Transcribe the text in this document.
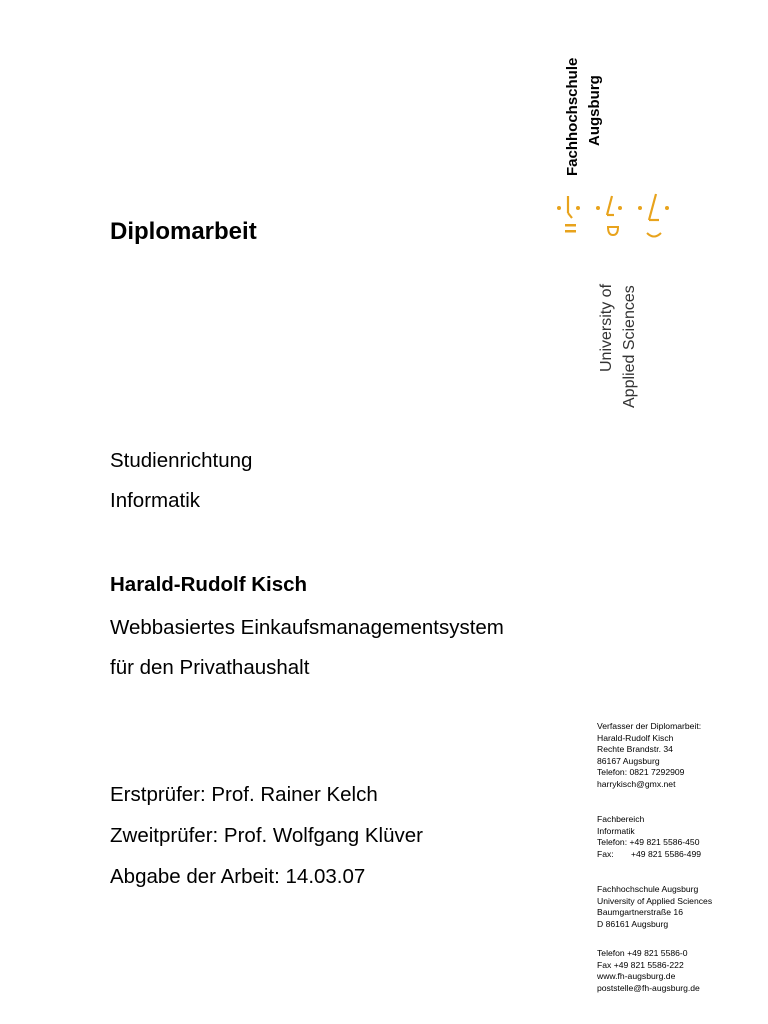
Fachhochschule Augsburg
University of Applied Sciences
Diplomarbeit
Studienrichtung
Informatik
Harald-Rudolf Kisch
Webbasiertes Einkaufsmanagementsystem
für den Privathaushalt
Erstprüfer: Prof. Rainer Kelch
Zweitprüfer: Prof. Wolfgang Klüver
Abgabe der Arbeit: 14.03.07
Verfasser der Diplomarbeit:
Harald-Rudolf Kisch
Rechte Brandstr. 34
86167 Augsburg
Telefon: 0821 7292909
harrykisch@gmx.net
Fachbereich
Informatik
Telefon: +49 821 5586-450
Fax: +49 821 5586-499
Fachhochschule Augsburg
University of Applied Sciences
Baumgartnerstraße 16
D 86161 Augsburg
Telefon +49 821 5586-0
Fax +49 821 5586-222
www.fh-augsburg.de
poststelle@fh-augsburg.de
